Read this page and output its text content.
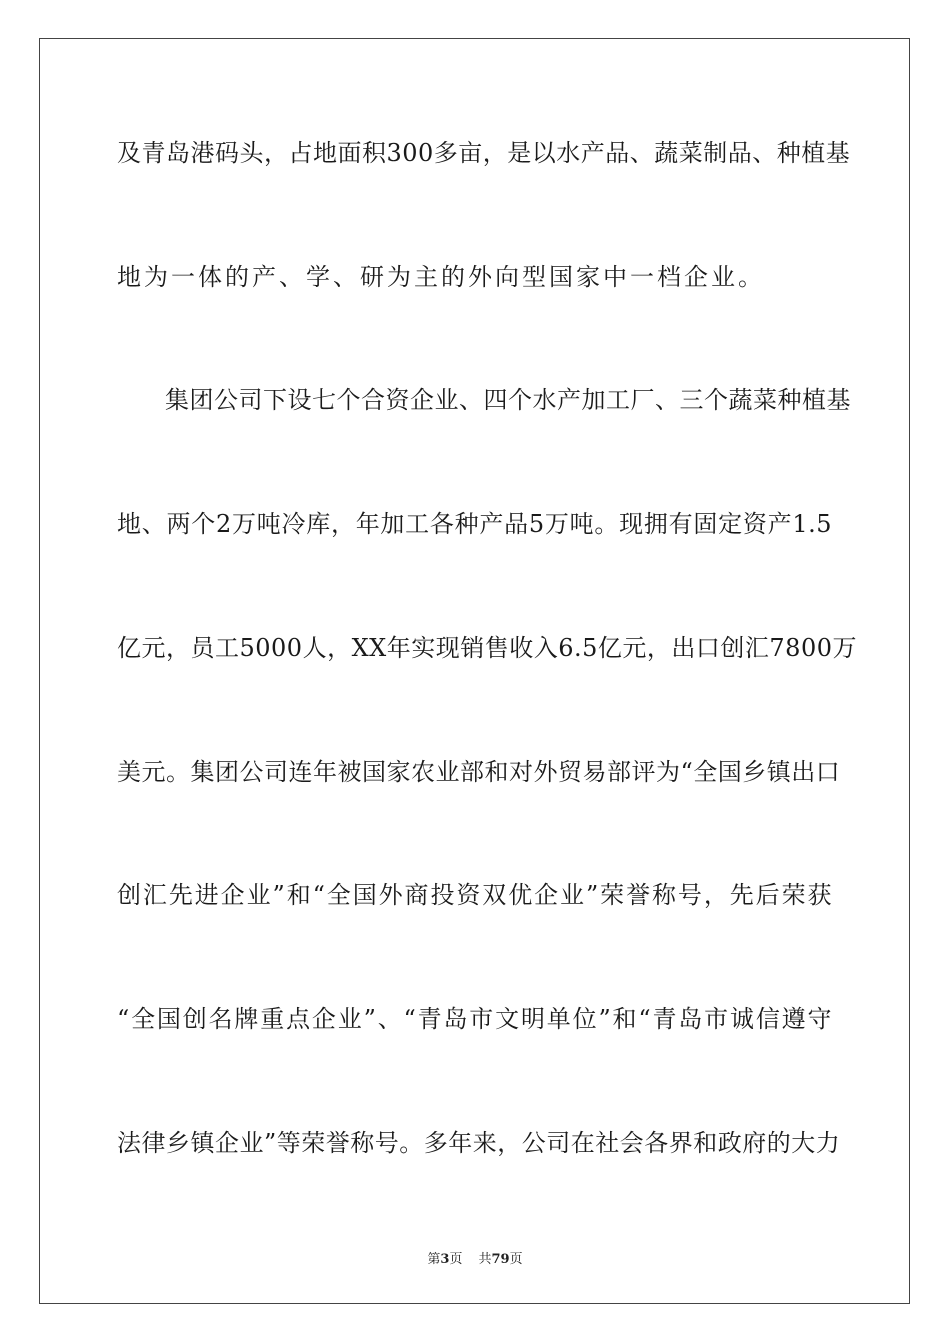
及青岛港码头，占地面积300多亩，是以水产品、蔬菜制品、种植基
地为一体的产、学、研为主的外向型国家中一档企业。
集团公司下设七个合资企业、四个水产加工厂、三个蔬菜种植基
地、两个2万吨冷库，年加工各种产品5万吨。现拥有固定资产1.5
亿元，员工5000人，XX年实现销售收入6.5亿元，出口创汇7800万
美元。集团公司连年被国家农业部和对外贸易部评为“全国乡镇出口
创汇先进企业”和“全国外商投资双优企业”荣誉称号，先后荣获
“全国创名牌重点企业”、“青岛市文明单位”和“青岛市诚信遵守
法律乡镇企业”等荣誉称号。多年来，公司在社会各界和政府的大力
第3页 共79页
